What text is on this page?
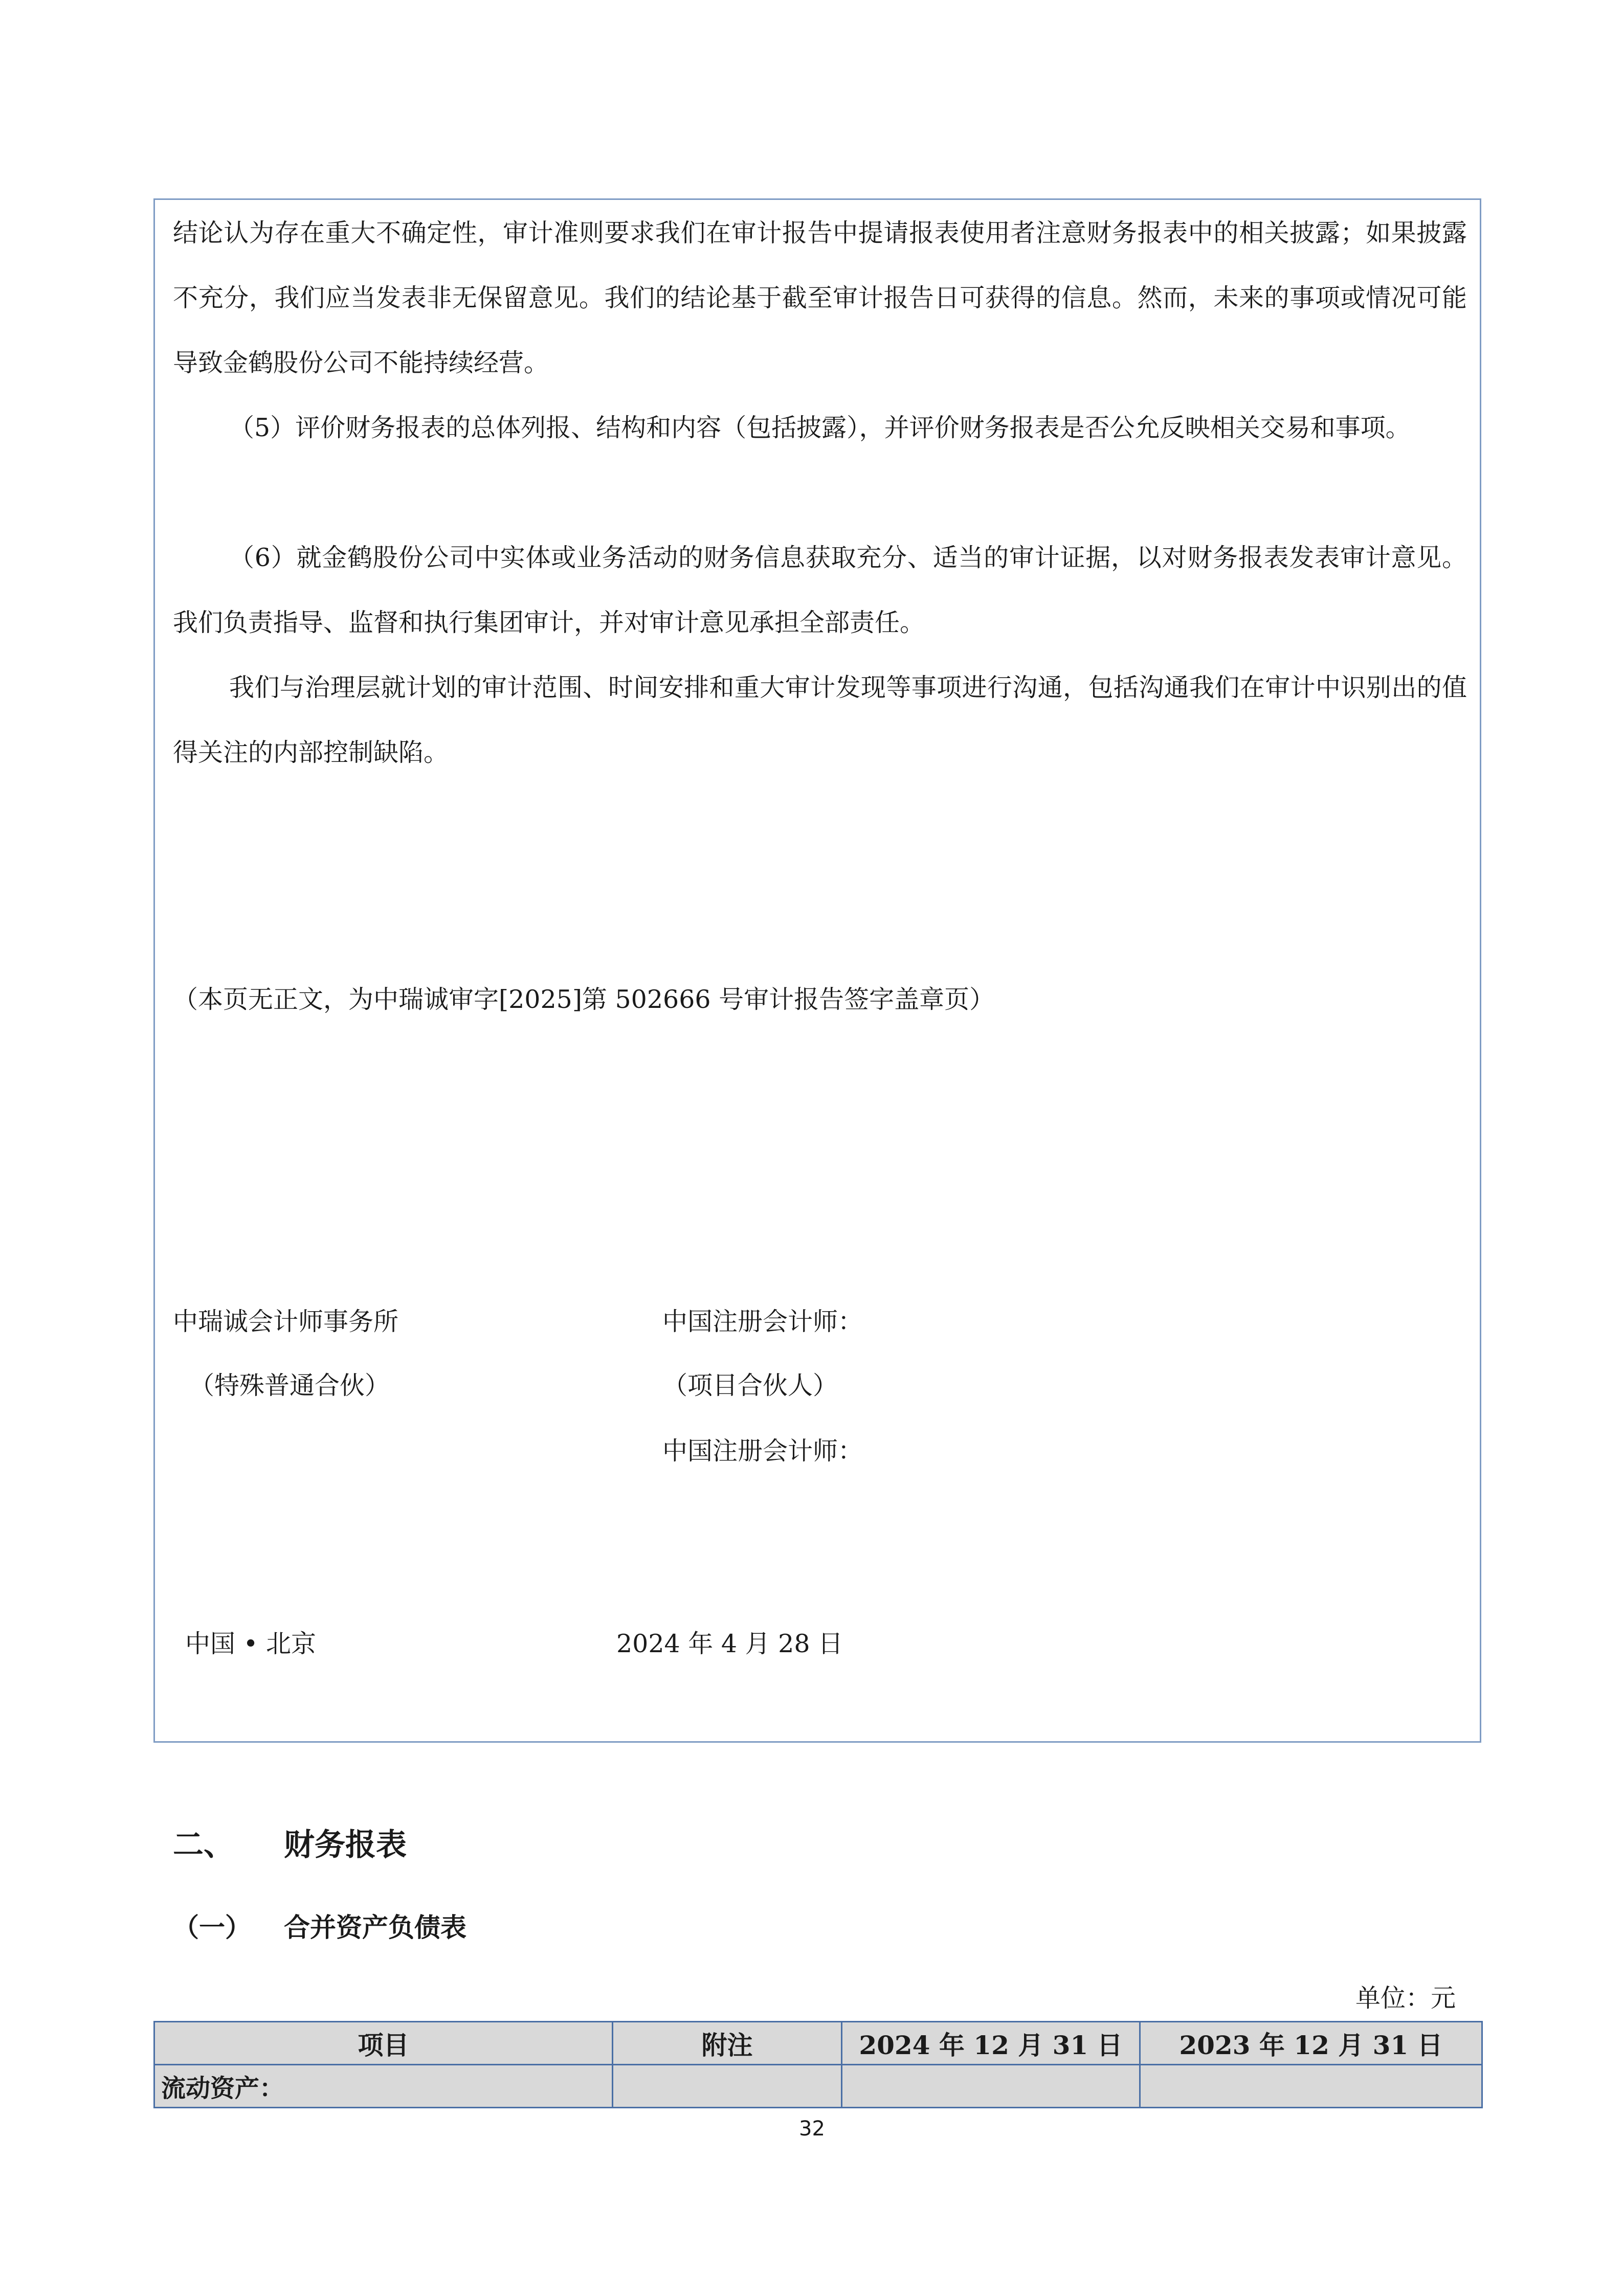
结论认为存在重大不确定性，审计准则要求我们在审计报告中提请报表使用者注意财务报表中的相关披露；如果披露不充分，我们应当发表非无保留意见。我们的结论基于截至审计报告日可获得的信息。然而，未来的事项或情况可能导致金鹤股份公司不能持续经营。

（5）评价财务报表的总体列报、结构和内容（包括披露），并评价财务报表是否公允反映相关交易和事项。

（6）就金鹤股份公司中实体或业务活动的财务信息获取充分、适当的审计证据，以对财务报表发表审计意见。我们负责指导、监督和执行集团审计，并对审计意见承担全部责任。

我们与治理层就计划的审计范围、时间安排和重大审计发现等事项进行沟通，包括沟通我们在审计中识别出的值得关注的内部控制缺陷。

（本页无正文，为中瑞诚审字[2025]第 502666 号审计报告签字盖章页）
中瑞诚会计师事务所
（特殊普通合伙）
中国注册会计师：
（项目合伙人）
中国注册会计师：
中国 • 北京	2024 年 4 月 28 日
二、 财务报表
（一） 合并资产负债表
单位：元
项目	附注	2024 年 12 月 31 日	2023 年 12 月 31 日
流动资产：			
32
